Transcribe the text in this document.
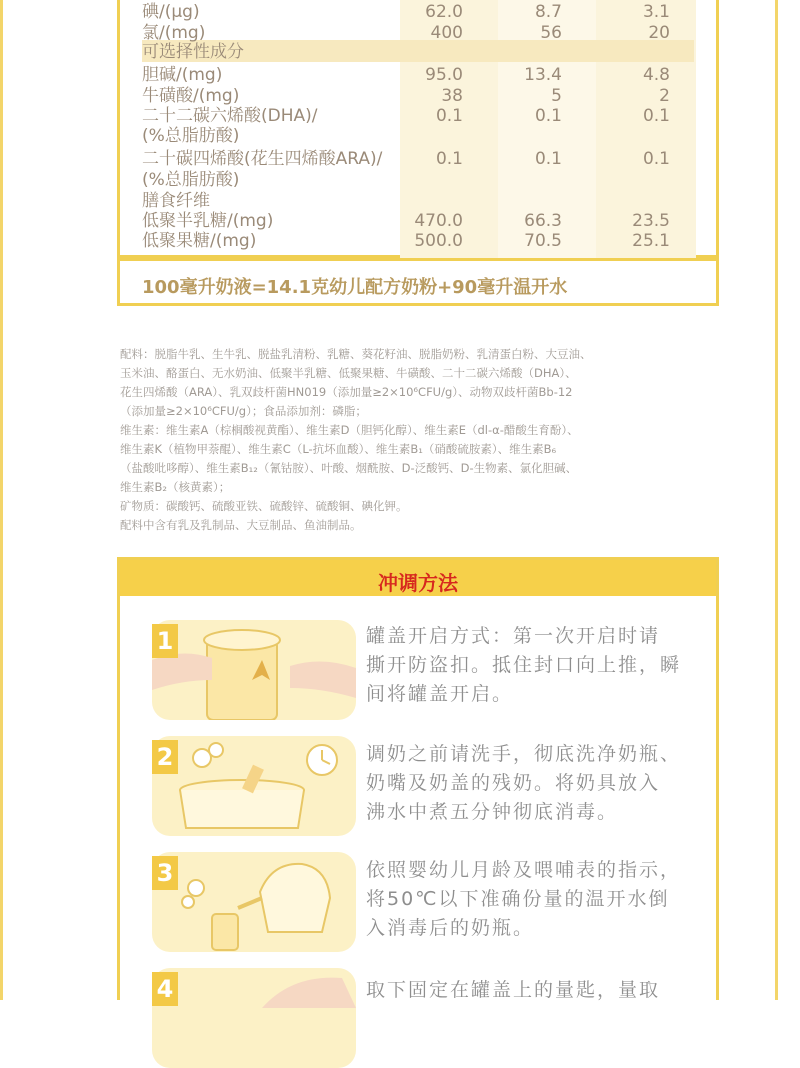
碘/(μg)	62.0	8.7	3.1
氯/(mg)	400	56	20
可选择性成分
胆碱/(mg)	95.0	13.4	4.8
牛磺酸/(mg)	38	5	2
二十二碳六烯酸(DHA)/	0.1	0.1	0.1
(%总脂肪酸)
二十碳四烯酸(花生四烯酸ARA)/	0.1	0.1	0.1
(%总脂肪酸)
膳食纤维
低聚半乳糖/(mg)	470.0	66.3	23.5
低聚果糖/(mg)	500.0	70.5	25.1
100毫升奶液=14.1克幼儿配方奶粉+90毫升温开水
配料：脱脂牛乳、生牛乳、脱盐乳清粉、乳糖、葵花籽油、脱脂奶粉、乳清蛋白粉、大豆油、
玉米油、酪蛋白、无水奶油、低聚半乳糖、低聚果糖、牛磺酸、二十二碳六烯酸（DHA）、
花生四烯酸（ARA）、乳双歧杆菌HN019（添加量≥2×10⁶CFU/g）、动物双歧杆菌Bb-12
（添加量≥2×10⁶CFU/g）；食品添加剂：磷脂；
维生素：维生素A（棕榈酸视黄酯）、维生素D（胆钙化醇）、维生素E（dl-α-醋酸生育酚）、
维生素K（植物甲萘醌）、维生素C（L-抗坏血酸）、维生素B₁（硝酸硫胺素）、维生素B₆
（盐酸吡哆醇）、维生素B₁₂（氰钴胺）、叶酸、烟酰胺、D-泛酸钙、D-生物素、氯化胆碱、
维生素B₂（核黄素）；
矿物质：碳酸钙、硫酸亚铁、硫酸锌、硫酸铜、碘化钾。
配料中含有乳及乳制品、大豆制品、鱼油制品。
冲调方法
1	罐盖开启方式：第一次开启时请
撕开防盗扣。抵住封口向上推，瞬
间将罐盖开启。
2	调奶之前请洗手，彻底洗净奶瓶、
奶嘴及奶盖的残奶。将奶具放入
沸水中煮五分钟彻底消毒。
3	依照婴幼儿月龄及喂哺表的指示，
将50℃以下准确份量的温开水倒
入消毒后的奶瓶。
4	取下固定在罐盖上的量匙，量取
